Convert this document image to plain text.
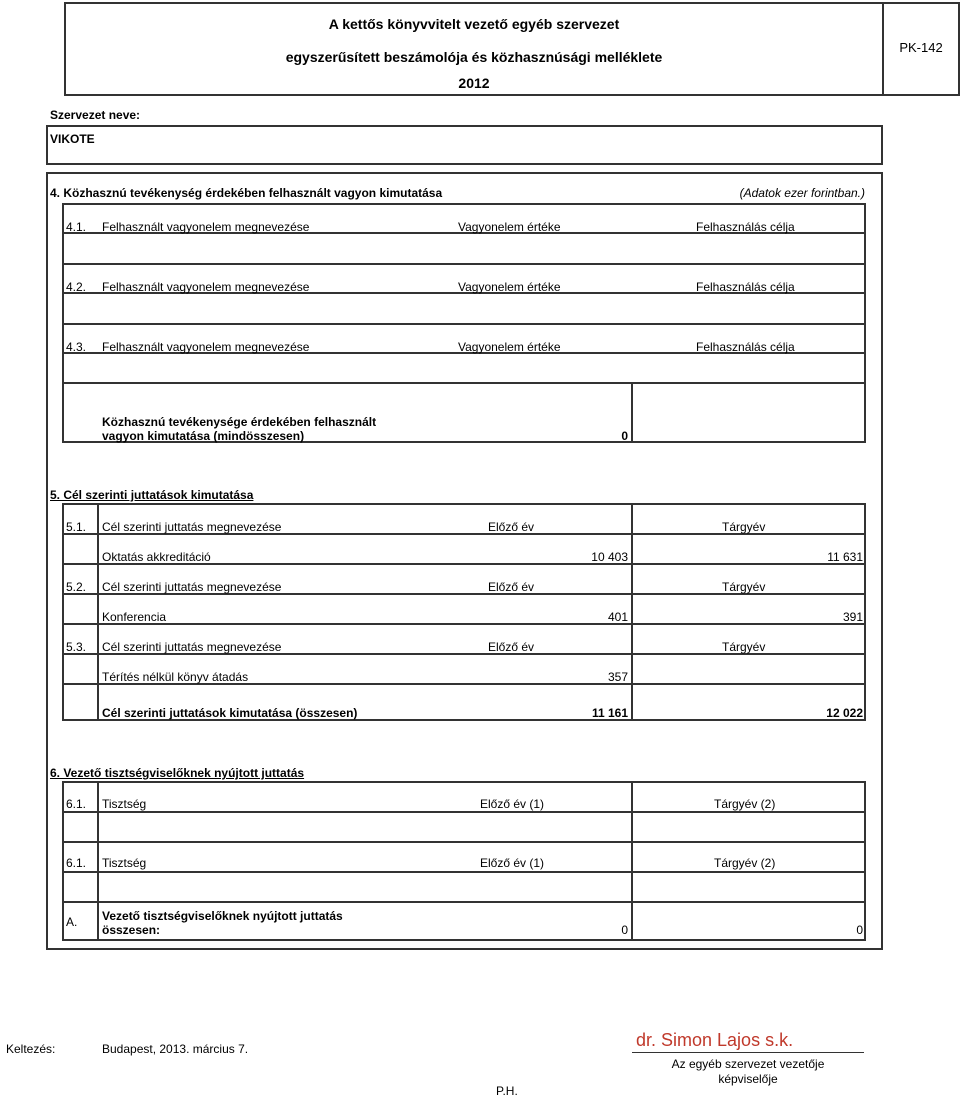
A kettős könyvvitelt vezető egyéb szervezet
egyszerűsített beszámolója és közhasznúsági melléklete
2012
PK-142
Szervezet neve:
VIKOTE
4. Közhasznú tevékenység érdekében felhasznált vagyon kimutatása	(Adatok ezer forintban.)
4.1. Felhasznált vagyonelem megnevezése	Vagyonelem értéke	Felhasználás célja
4.2. Felhasznált vagyonelem megnevezése	Vagyonelem értéke	Felhasználás célja
4.3. Felhasznált vagyonelem megnevezése	Vagyonelem értéke	Felhasználás célja
Közhasznú tevékenysége érdekében felhasznált
vagyon kimutatása (mindösszesen)	0
5. Cél szerinti juttatások kimutatása
5.1. Cél szerinti juttatás megnevezése	Előző év	Tárgyév
Oktatás akkreditáció	10 403	11 631
5.2. Cél szerinti juttatás megnevezése	Előző év	Tárgyév
Konferencia	401	391
5.3. Cél szerinti juttatás megnevezése	Előző év	Tárgyév
Térítés nélkül könyv átadás	357
Cél szerinti juttatások kimutatása (összesen)	11 161	12 022
6. Vezető tisztségviselőknek nyújtott juttatás
6.1. Tisztség	Előző év (1)	Tárgyév (2)
6.1. Tisztség	Előző év (1)	Tárgyév (2)
A. Vezető tisztségviselőknek nyújtott juttatás
összesen:	0	0
Keltezés:	Budapest, 2013. március 7.
P.H.
dr. Simon Lajos s.k.
Az egyéb szervezet vezetője
képviselője
